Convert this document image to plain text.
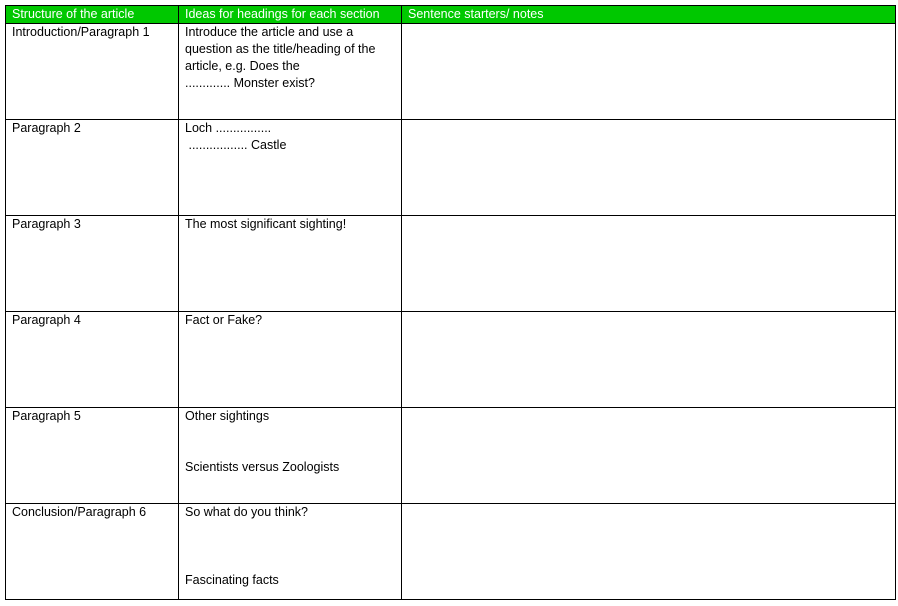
Structure of the article	Ideas for headings for each section	Sentence starters/ notes
Introduction/Paragraph 1	Introduce the article and use a
question as the title/heading of the
article, e.g. Does the
............. Monster exist?	

Paragraph 2	Loch ................
................. Castle	

Paragraph 3	The most significant sighting!	

Paragraph 4	Fact or Fake?	

Paragraph 5	Other sightings
Scientists versus Zoologists	

Conclusion/Paragraph 6	So what do you think?
Fascinating facts	
